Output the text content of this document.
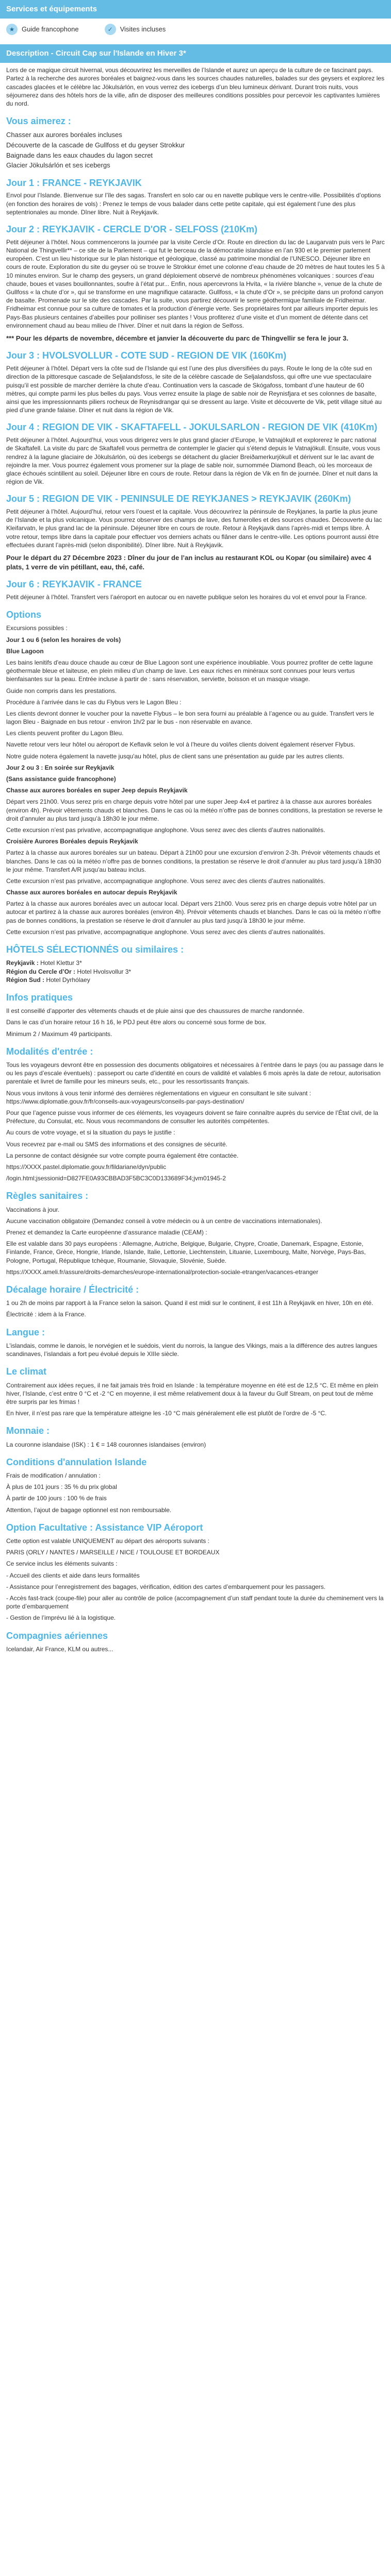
Services et équipements
★	Guide francophone	✓	Visites incluses
Description - Circuit Cap sur l'Islande en Hiver 3*

Lors de ce magique circuit hivernal, vous découvrirez les merveilles de l’Islande et aurez un aperçu de la culture de ce fascinant pays. Partez à la recherche des aurores boréales et baignez-vous dans les sources chaudes naturelles, balades sur des geysers et explorez les cascades glacées et le célèbre lac Jökulsárlón, en vous verrez des icebergs d’un bleu lumineux dérivant. Durant trois nuits, vous séjournerez dans des hôtels hors de la ville, afin de disposer des meilleures conditions possibles pour percevoir les captivantes lumières du nord.

Vous aimerez :
Chasser aux aurores boréales incluses
Découverte de la cascade de Gullfoss et du geyser Strokkur
Baignade dans les eaux chaudes du lagon secret
Glacier Jökulsárlón et ses icebergs
Jour 1 : FRANCE - REYKJAVIK

Envol pour l’Islande. Bienvenue sur l’île des sagas. Transfert en solo car ou en navette publique vers le centre-ville. Possibilités d’options (en fonction des horaires de vols) : Prenez le temps de vous balader dans cette petite capitale, qui est également l’une des plus septentrionales au monde. Dîner libre. Nuit à Reykjavik.

Jour 2 : REYKJAVIK - CERCLE D'OR - SELFOSS (210Km)

Petit déjeuner à l’hôtel. Nous commencerons la journée par la visite Cercle d’Or. Route en direction du lac de Laugarvatn puis vers le Parc National de Thingvellir** – ce site de la Parlement – qui fut le berceau de la démocratie islandaise en l’an 930 et le premier parlement européen. C’est un lieu historique sur le plan historique et géologique, classé au patrimoine mondial de l’UNESCO. Déjeuner libre en cours de route. Exploration du site du geyser où se trouve le Strokkur émet une colonne d’eau chaude de 20 mètres de haut toutes les 5 à 10 minutes environ. Sur le champ des geysers, un grand déploiement observé de nombreux phénomènes volcaniques : sources d’eau chaude, boues et vases bouillonnantes, soufre à l’état pur... Enfin, nous apercevrons la Hvíta, « la rivière blanche », venue de la chute de Gullfoss « la chute d’or », qui se transforme en une magnifique cataracte. Gullfoss, « la chute d’Or », se précipite dans un profond canyon de basalte. Promenade sur le site des cascades. Par la suite, vous partirez découvrir le serre géothermique familiale de Fridheimar. Fridheimar est connue pour sa culture de tomates et la production d’énergie verte. Ses propriétaires font par ailleurs importer depuis les Pays-Bas plusieurs centaines d’abeilles pour polliniser ses plantes ! Vous profiterez d’une visite et d’un moment de détente dans cet environnement chaud au beau milieu de l’hiver. Dîner et nuit dans la région de Selfoss.

*** Pour les départs de novembre, décembre et janvier la découverte du parc de Thingvellir se fera le jour 3.

Jour 3 : HVOLSVOLLUR - COTE SUD - REGION DE VIK (160Km)

Petit déjeuner à l’hôtel. Départ vers la côte sud de l’Islande qui est l’une des plus diversifiées du pays. Route le long de la côte sud en direction de la pittoresque cascade de Seljalandsfoss, le site de la célèbre cascade de Seljalandsfoss, qui offre une vue spectaculaire puisqu’il est possible de marcher derrière la chute d’eau. Continuation vers la cascade de Skógafoss, tombant d’une hauteur de 60 mètres, qui compte parmi les plus belles du pays. Vous verrez ensuite la plage de sable noir de Reynisfjara et ses colonnes de basalte, ainsi que les impressionnants piliers rocheux de Reynisdrangar qui se dressent au large. Visite et découverte de Vik, petit village situé au pied d’une grande falaise. Dîner et nuit dans la région de Vik.

Jour 4 : REGION DE VIK - SKAFTAFELL - JOKULSARLON - REGION DE VIK (410Km)

Petit déjeuner à l’hôtel. Aujourd’hui, vous vous dirigerez vers le plus grand glacier d’Europe, le Vatnajökull et explorerez le parc national de Skaftafell. La visite du parc de Skaftafell vous permettra de contempler le glacier qui s’étend depuis le Vatnajökull. Ensuite, vous vous rendrez à la lagune glaciaire de Jökulsárlón, où des icebergs se détachent du glacier Breiðamerkurjökull et dérivent sur le lac avant de rejoindre la mer. Vous pourrez également vous promener sur la plage de sable noir, surnommée Diamond Beach, où les morceaux de glace échoués scintillent au soleil. Déjeuner libre en cours de route. Retour dans la région de Vik en fin de journée. Dîner et nuit dans la région de Vik.

Jour 5 : REGION DE VIK - PENINSULE DE REYKJANES > REYKJAVIK (260Km)

Petit déjeuner à l’hôtel. Aujourd’hui, retour vers l’ouest et la capitale. Vous découvrirez la péninsule de Reykjanes, la partie la plus jeune de l’Islande et la plus volcanique. Vous pourrez observer des champs de lave, des fumerolles et des sources chaudes. Découverte du lac Kleifarvatn, le plus grand lac de la péninsule. Déjeuner libre en cours de route. Retour à Reykjavik dans l’après-midi et temps libre. À votre retour, temps libre dans la capitale pour effectuer vos derniers achats ou flâner dans le centre-ville. Les options pourront aussi être effectuées durant l’après-midi (selon disponibilité). Dîner libre. Nuit à Reykjavik.

Pour le départ du 27 Décembre 2023 : Dîner du jour de l’an inclus au restaurant KOL ou Kopar (ou similaire) avec 4 plats, 1 verre de vin pétillant, eau, thé, café.

Jour 6 : REYKJAVIK - FRANCE

Petit déjeuner à l’hôtel. Transfert vers l’aéroport en autocar ou en navette publique selon les horaires du vol et envol pour la France.

Options

Excursions possibles :

Jour 1 ou 6 (selon les horaires de vols)

Blue Lagoon

Les bains lenitifs d'eau douce chaude au cœur de Blue Lagoon sont une expérience inoubliable. Vous pourrez profiter de cette lagune géothermale bleue et laiteuse, en plein milieu d’un champ de lave. Les eaux riches en minéraux sont connues pour leurs vertus bienfaisantes sur la peau. Entrée incluse à partir de : sans réservation, serviette, boisson et un masque visage.

Guide non compris dans les prestations.

Procédure à l’arrivée dans le cas du Flybus vers le Lagon Bleu :

Les clients devront donner le voucher pour la navette Flybus – le bon sera fourni au préalable à l’agence ou au guide. Transfert vers le lagon Bleu - Baignade en bus retour - environ 1h/2 par le bus - non réservable en avance.

Les clients peuvent profiter du Lagon Bleu.

Navette retour vers leur hôtel ou aéroport de Keflavik selon le vol à l’heure du vol/les clients doivent également réserver Flybus.

Notre guide notera également la navette jusqu'au hôtel, plus de client sans une présentation au guide par les autres clients.

Jour 2 ou 3 : En soirée sur Reykjavik

(Sans assistance guide francophone)

Chasse aux aurores boréales en super Jeep depuis Reykjavik

Départ vers 21h00. Vous serez pris en charge depuis votre hôtel par une super Jeep 4x4 et partirez à la chasse aux aurores boréales (environ 4h). Prévoir vêtements chauds et blanches. Dans le cas où la météo n’offre pas de bonnes conditions, la prestation se reverse le droit d’annuler au plus tard jusqu’à 18h30 le jour même.

Cette excursion n’est pas privative, accompagnatique anglophone. Vous serez avec des clients d’autres nationalités.

Croisière Aurores Boréales depuis Reykjavik

Partez à la chasse aux aurores boréales sur un bateau. Départ à 21h00 pour une excursion d’environ 2-3h. Prévoir vêtements chauds et blanches. Dans le cas où la météo n’offre pas de bonnes conditions, la prestation se réserve le droit d’annuler au plus tard jusqu’à 18h30 le jour même. Transfert A/R jusqu'au bateau inclus.

Cette excursion n’est pas privative, accompagnatique anglophone. Vous serez avec des clients d’autres nationalités.

Chasse aux aurores boréales en autocar depuis Reykjavik

Partez à la chasse aux aurores boréales avec un autocar local. Départ vers 21h00. Vous serez pris en charge depuis votre hôtel par un autocar et partirez à la chasse aux aurores boréales (environ 4h). Prévoir vêtements chauds et blanches. Dans le cas où la météo n’offre pas de bonnes conditions, la prestation se réserve le droit d’annuler au plus tard jusqu’à 18h30 le jour même.

Cette excursion n’est pas privative, accompagnatique anglophone. Vous serez avec des clients d’autres nationalités.

HÔTELS SÉLECTIONNÉS ou similaires :
Reykjavik : Hotel Klettur 3*
Région du Cercle d’Or : Hotel Hvolsvollur 3*
Région Sud : Hotel Dyrhólaey
Infos pratiques

Il est conseillé d’apporter des vêtements chauds et de pluie ainsi que des chaussures de marche randonnée.

Dans le cas d’un horaire retour 16 h 16, le PDJ peut être alors ou concerné sous forme de box.

Minimum 2 / Maximum 49 participants.

Modalités d'entrée :

Tous les voyageurs devront être en possession des documents obligatoires et nécessaires à l’entrée dans le pays (ou au passage dans le ou les pays d’escale éventuels) : passeport ou carte d’identité en cours de validité et valables 6 mois après la date de retour, autorisation parentale et livret de famille pour les mineurs seuls, etc., pour les ressortissants français.

Nous vous invitons à vous tenir informé des dernières réglementations en vigueur en consultant le site suivant : https://www.diplomatie.gouv.fr/fr/conseils-aux-voyageurs/conseils-par-pays-destination/

Pour que l’agence puisse vous informer de ces éléments, les voyageurs doivent se faire connaître auprès du service de l’État civil, de la Préfecture, du Consulat, etc. Nous vous recommandons de consulter les autorités compétentes.

Au cours de votre voyage, et si la situation du pays le justifie :

Vous recevrez par e-mail ou SMS des informations et des consignes de sécurité.

La personne de contact désignée sur votre compte pourra également être contactée.

https://XXXX.pastel.diplomatie.gouv.fr/fildariane/dyn/public

/login.html;jsessionid=D827FE0A93CBBAD3F5BC3C0D133689F34;jvm01945-2

Règles sanitaires :

Vaccinations à jour.

Aucune vaccination obligatoire (Demandez conseil à votre médecin ou à un centre de vaccinations internationales).

Prenez et demandez la Carte européenne d’assurance maladie (CEAM) :

Elle est valable dans 30 pays européens : Allemagne, Autriche, Belgique, Bulgarie, Chypre, Croatie, Danemark, Espagne, Estonie, Finlande, France, Grèce, Hongrie, Irlande, Islande, Italie, Lettonie, Liechtenstein, Lituanie, Luxembourg, Malte, Norvège, Pays-Bas, Pologne, Portugal, République tchèque, Roumanie, Slovaquie, Slovénie, Suède.

https://XXXX.ameli.fr/assure/droits-demarches/europe-international/protection-sociale-etranger/vacances-etranger

Décalage horaire / Électricité :

1 ou 2h de moins par rapport à la France selon la saison. Quand il est midi sur le continent, il est 11h à Reykjavik en hiver, 10h en été.

Électricité : idem à la France.

Langue :

L’islandais, comme le danois, le norvégien et le suédois, vient du norrois, la langue des Vikings, mais a la différence des autres langues scandinaves, l’islandais a fort peu évolué depuis le XIIIe siècle.

Le climat

Contrairement aux idées reçues, il ne fait jamais très froid en Islande : la température moyenne en été est de 12,5 °C. Et même en plein hiver, l’Islande, c’est entre 0 °C et -2 °C en moyenne, il est même relativement doux à la faveur du Gulf Stream, on peut tout de même être surpris par les frimas !

En hiver, il n’est pas rare que la température atteigne les -10 °C mais généralement elle est plutôt de l’ordre de -5 °C.

Monnaie :

La couronne islandaise (ISK) : 1 € = 148 couronnes islandaises (environ)

Conditions d'annulation Islande

Frais de modification / annulation :

À plus de 101 jours : 35 % du prix global

À partir de 100 jours : 100 % de frais

Attention, l’ajout de bagage optionnel est non remboursable.

Option Facultative : Assistance VIP Aéroport

Cette option est valable UNIQUEMENT au départ des aéroports suivants :

PARIS (ORLY / NANTES / MARSEILLE / NICE / TOULOUSE ET BORDEAUX

Ce service inclus les éléments suivants :

- Accueil des clients et aide dans leurs formalités

- Assistance pour l’enregistrement des bagages, vérification, édition des cartes d’embarquement pour les passagers.

- Accès fast-track (coupe-file) pour aller au contrôle de police (accompagnement d’un staff pendant toute la durée du cheminement vers la porte d’embarquement

- Gestion de l’imprévu lié à la logistique.

Compagnies aériennes

Icelandair, Air France, KLM ou autres...
